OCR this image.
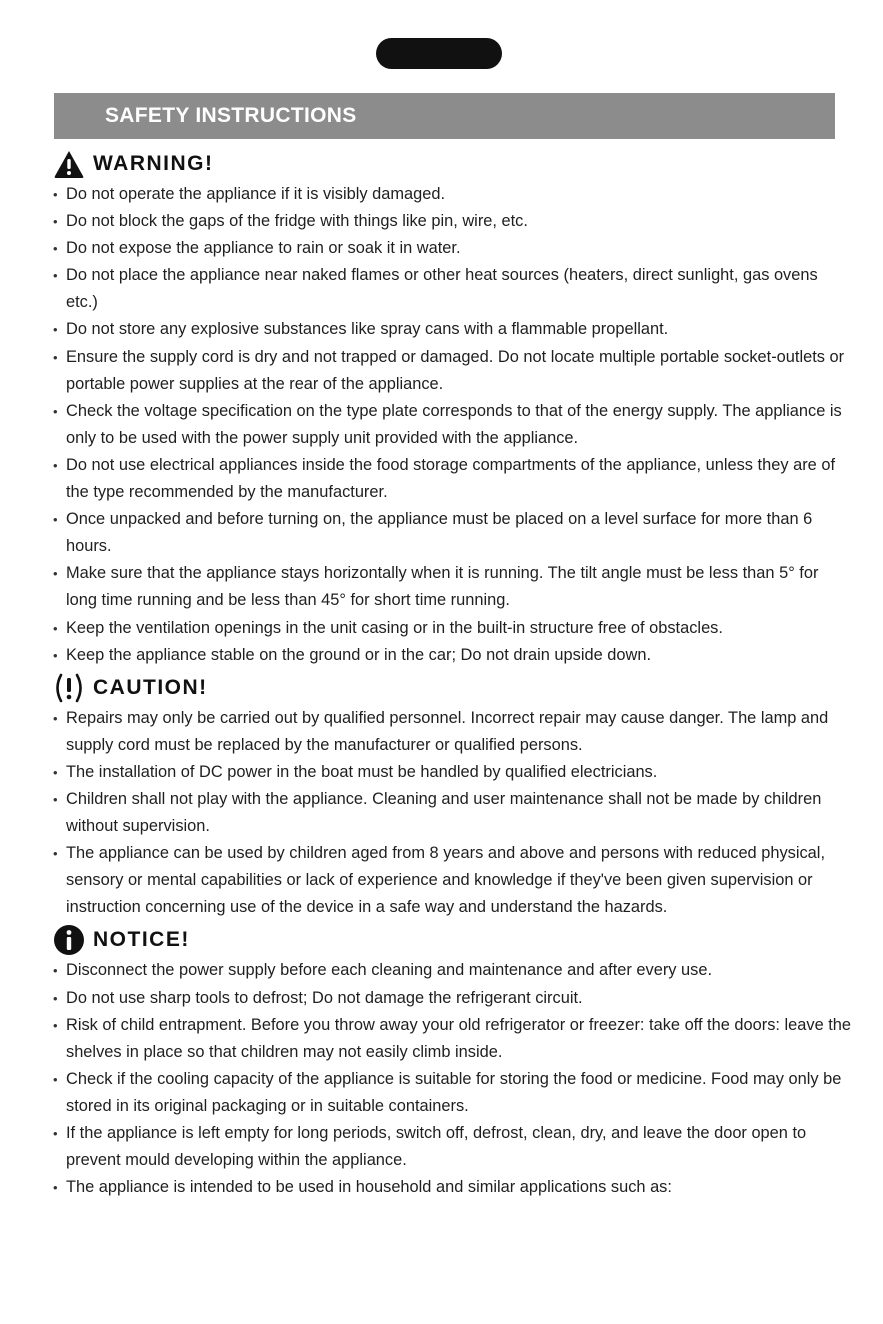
SAFETY INSTRUCTIONS
WARNING!
• Do not operate the appliance if it is visibly damaged.
• Do not block the gaps of the fridge with things like pin, wire, etc.
• Do not expose the appliance to rain or soak it in water.
• Do not place the appliance near naked flames or other heat sources (heaters, direct sunlight, gas ovens etc.)
• Do not store any explosive substances like spray cans with a flammable propellant.
• Ensure the supply cord is dry and not trapped or damaged. Do not locate multiple portable socket-outlets or portable power supplies at the rear of the appliance.
• Check the voltage specification on the type plate corresponds to that of the energy supply. The appliance is only to be used with the power supply unit provided with the appliance.
• Do not use electrical appliances inside the food storage compartments of the appliance, unless they are of the type recommended by the manufacturer.
• Once unpacked and before turning on, the appliance must be placed on a level surface for more than 6 hours.
• Make sure that the appliance stays horizontally when it is running. The tilt angle must be less than 5° for long time running and be less than 45° for short time running.
• Keep the ventilation openings in the unit casing or in the built-in structure free of obstacles.
• Keep the appliance stable on the ground or in the car; Do not drain upside down.
CAUTION!
• Repairs may only be carried out by qualified personnel. Incorrect repair may cause danger. The lamp and supply cord must be replaced by the manufacturer or qualified persons.
• The installation of DC power in the boat must be handled by qualified electricians.
• Children shall not play with the appliance. Cleaning and user maintenance shall not be made by children without supervision.
• The appliance can be used by children aged from 8 years and above and persons with reduced physical, sensory or mental capabilities or lack of experience and knowledge if they've been given supervision or instruction concerning use of the device in a safe way and understand the hazards.
NOTICE!
• Disconnect the power supply before each cleaning and maintenance and after every use.
• Do not use sharp tools to defrost; Do not damage the refrigerant circuit.
• Risk of child entrapment. Before you throw away your old refrigerator or freezer: take off the doors: leave the shelves in place so that children may not easily climb inside.
• Check if the cooling capacity of the appliance is suitable for storing the food or medicine. Food may only be stored in its original packaging or in suitable containers.
• If the appliance is left empty for long periods, switch off, defrost, clean, dry, and leave the door open to prevent mould developing within the appliance.
• The appliance is intended to be used in household and similar applications such as:
